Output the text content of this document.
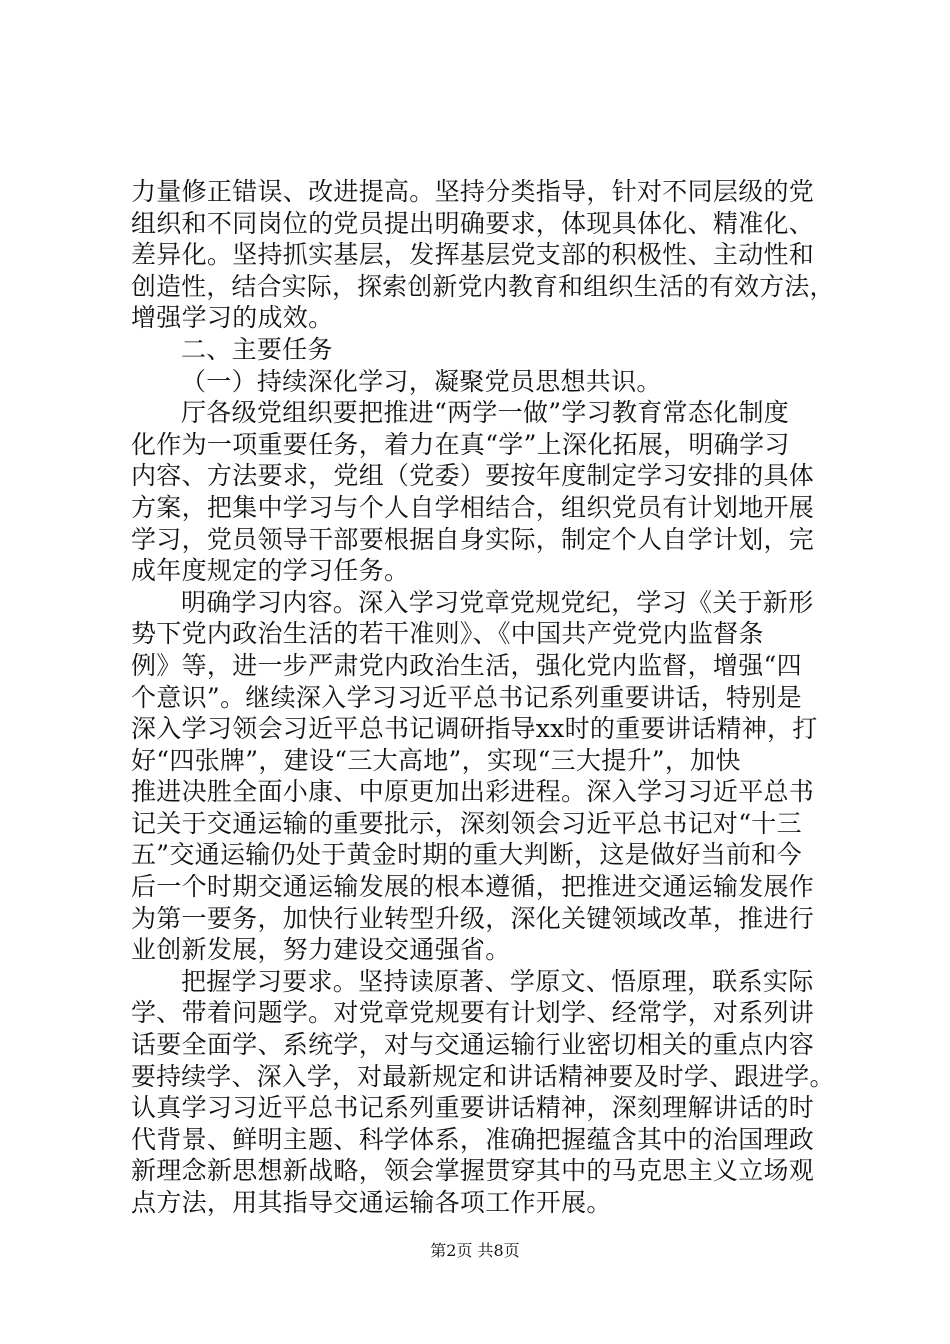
力量修正错误、改进提高。坚持分类指导，针对不同层级的党
组织和不同岗位的党员提出明确要求，体现具体化、精准化、
差异化。坚持抓实基层，发挥基层党支部的积极性、主动性和
创造性，结合实际，探索创新党内教育和组织生活的有效方法，
增强学习的成效。
二、主要任务
（一）持续深化学习，凝聚党员思想共识。
厅各级党组织要把推进“两学一做”学习教育常态化制度
化作为一项重要任务，着力在真“学”上深化拓展，明确学习
内容、方法要求，党组（党委）要按年度制定学习安排的具体
方案，把集中学习与个人自学相结合，组织党员有计划地开展
学习，党员领导干部要根据自身实际，制定个人自学计划，完
成年度规定的学习任务。
明确学习内容。深入学习党章党规党纪，学习《关于新形
势下党内政治生活的若干准则》、《中国共产党党内监督条
例》等，进一步严肃党内政治生活，强化党内监督，增强“四
个意识”。继续深入学习习近平总书记系列重要讲话，特别是
深入学习领会习近平总书记调研指导xx时的重要讲话精神，打
好“四张牌”，建设“三大高地”，实现“三大提升”，加快
推进决胜全面小康、中原更加出彩进程。深入学习习近平总书
记关于交通运输的重要批示，深刻领会习近平总书记对“十三
五”交通运输仍处于黄金时期的重大判断，这是做好当前和今
后一个时期交通运输发展的根本遵循，把推进交通运输发展作
为第一要务，加快行业转型升级，深化关键领域改革，推进行
业创新发展，努力建设交通强省。
把握学习要求。坚持读原著、学原文、悟原理，联系实际
学、带着问题学。对党章党规要有计划学、经常学，对系列讲
话要全面学、系统学，对与交通运输行业密切相关的重点内容
要持续学、深入学，对最新规定和讲话精神要及时学、跟进学。
认真学习习近平总书记系列重要讲话精神，深刻理解讲话的时
代背景、鲜明主题、科学体系，准确把握蕴含其中的治国理政
新理念新思想新战略，领会掌握贯穿其中的马克思主义立场观
点方法，用其指导交通运输各项工作开展。
第2页 共8页
